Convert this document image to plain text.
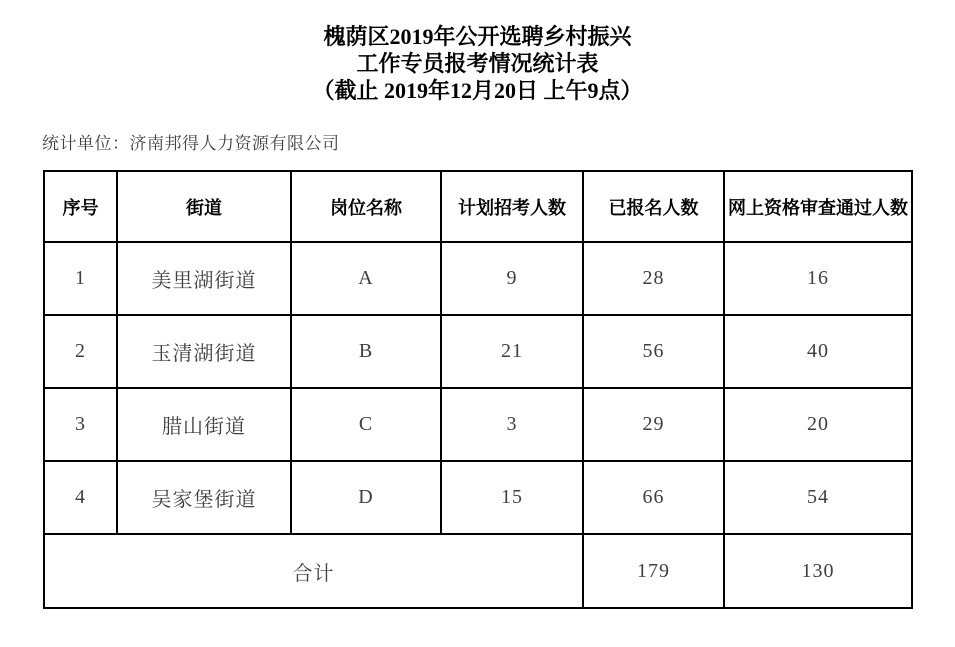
槐荫区2019年公开选聘乡村振兴
工作专员报考情况统计表
（截止 2019年12月20日 上午9点）
统计单位：济南邦得人力资源有限公司
序号	街道	岗位名称	计划招考人数	已报名人数	网上资格审查通过人数
1	美里湖街道	A	9	28	16
2	玉清湖街道	B	21	56	40
3	腊山街道	C	3	29	20
4	吴家堡街道	D	15	66	54
合计				179	130
